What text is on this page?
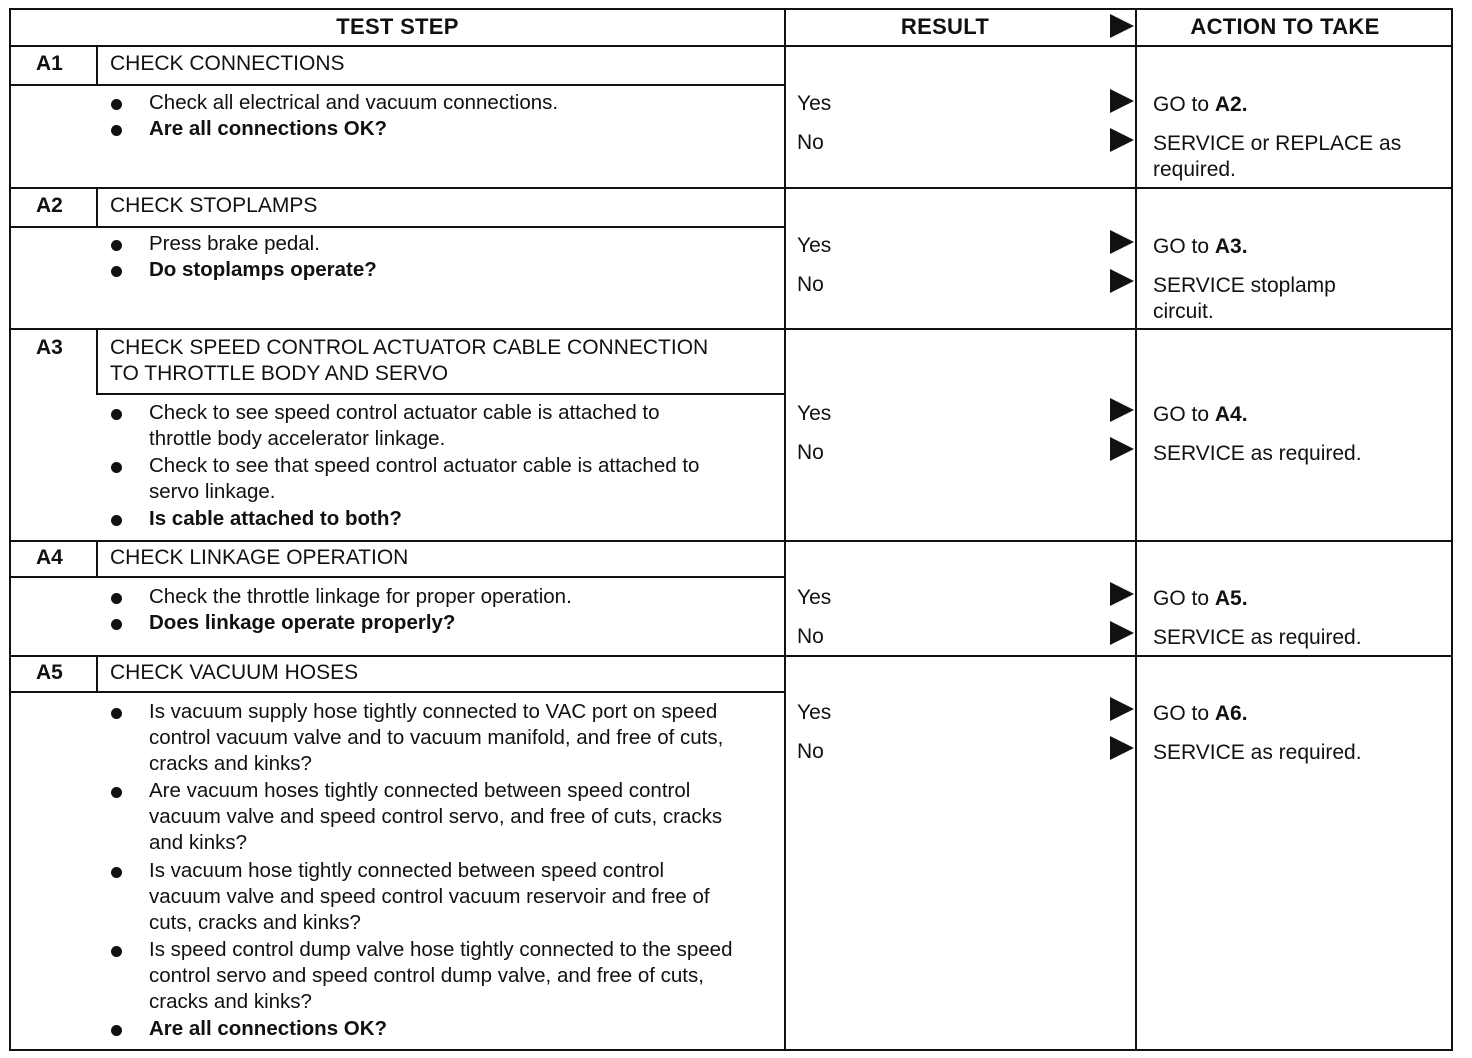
TEST STEP	RESULT	ACTION TO TAKE
A1 CHECK CONNECTIONS
Check all electrical and vacuum connections.
Are all connections OK?
Yes
No
GO to A2.
SERVICE or REPLACE as required.
A2 CHECK STOPLAMPS
Press brake pedal.
Do stoplamps operate?
Yes
No
GO to A3.
SERVICE stoplamp circuit.
A3 CHECK SPEED CONTROL ACTUATOR CABLE CONNECTION TO THROTTLE BODY AND SERVO
Check to see speed control actuator cable is attached to throttle body accelerator linkage.
Check to see that speed control actuator cable is attached to servo linkage.
Is cable attached to both?
Yes
No
GO to A4.
SERVICE as required.
A4 CHECK LINKAGE OPERATION
Check the throttle linkage for proper operation.
Does linkage operate properly?
Yes
No
GO to A5.
SERVICE as required.
A5 CHECK VACUUM HOSES
Is vacuum supply hose tightly connected to VAC port on speed control vacuum valve and to vacuum manifold, and free of cuts, cracks and kinks?
Are vacuum hoses tightly connected between speed control vacuum valve and speed control servo, and free of cuts, cracks and kinks?
Is vacuum hose tightly connected between speed control vacuum valve and speed control vacuum reservoir and free of cuts, cracks and kinks?
Is speed control dump valve hose tightly connected to the speed control servo and speed control dump valve, and free of cuts, cracks and kinks?
Are all connections OK?
Yes
No
GO to A6.
SERVICE as required.
